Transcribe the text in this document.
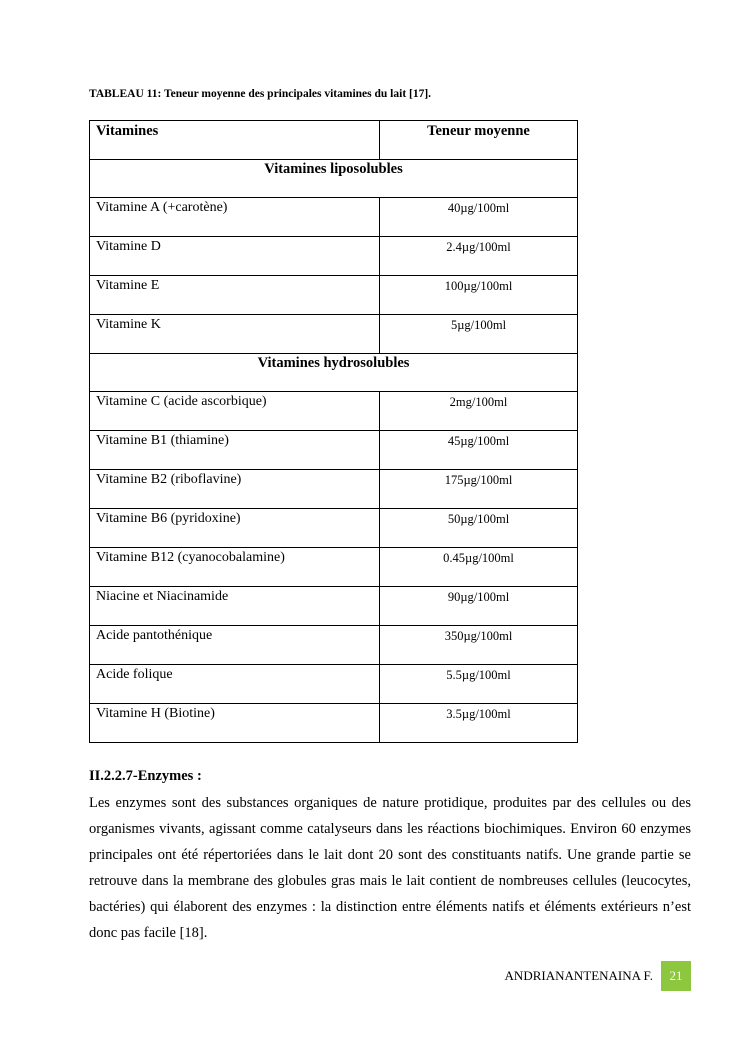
TABLEAU 11: Teneur moyenne des principales vitamines du lait [17].
Vitamines	Teneur moyenne
Vitamines liposolubles	
Vitamine A (+carotène)	40µg/100ml
Vitamine D	2.4µg/100ml
Vitamine E	100µg/100ml
Vitamine K	5µg/100ml
Vitamines hydrosolubles	
Vitamine C (acide ascorbique)	2mg/100ml
Vitamine B1 (thiamine)	45µg/100ml
Vitamine B2 (riboflavine)	175µg/100ml
Vitamine B6 (pyridoxine)	50µg/100ml
Vitamine B12 (cyanocobalamine)	0.45µg/100ml
Niacine et Niacinamide	90µg/100ml
Acide pantothénique	350µg/100ml
Acide folique	5.5µg/100ml
Vitamine H (Biotine)	3.5µg/100ml
II.2.2.7-Enzymes :

Les enzymes sont des substances organiques de nature protidique, produites par des cellules ou des organismes vivants, agissant comme catalyseurs dans les réactions biochimiques. Environ 60 enzymes principales ont été répertoriées dans le lait dont 20 sont des constituants natifs. Une grande partie se retrouve dans la membrane des globules gras mais le lait contient de nombreuses cellules (leucocytes, bactéries) qui élaborent des enzymes : la distinction entre éléments natifs et éléments extérieurs n’est donc pas facile [18].

ANDRIANANTENAINA F.	21
